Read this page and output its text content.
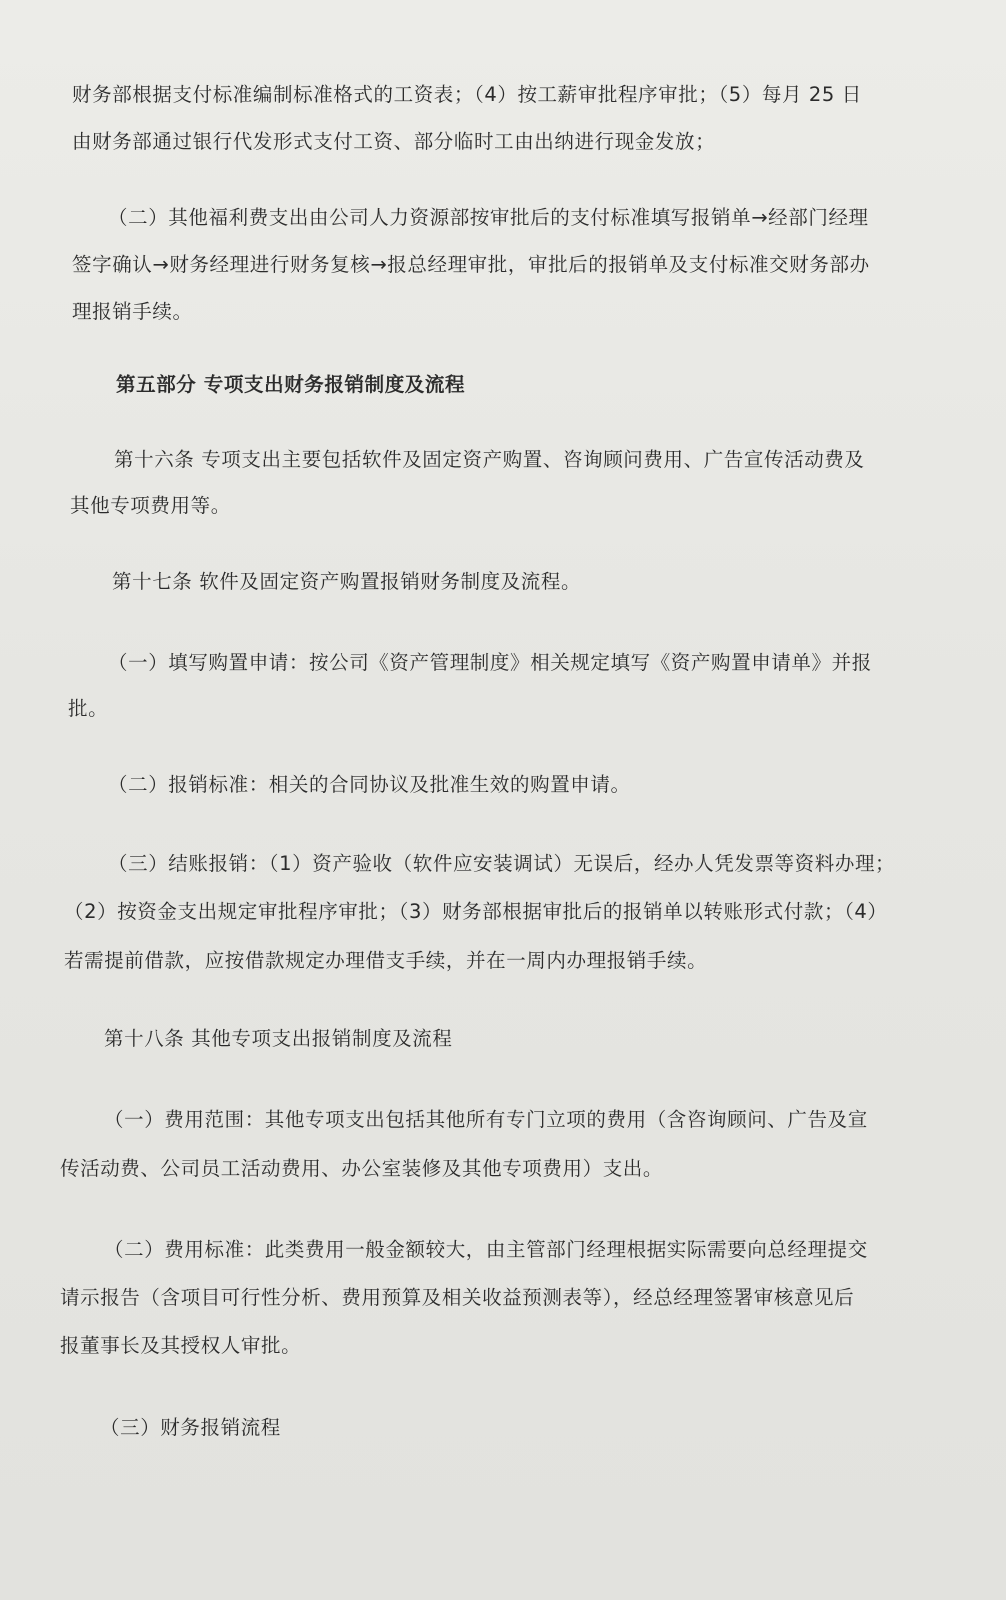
财务部根据支付标准编制标准格式的工资表；（4）按工薪审批程序审批；（5）每月 25 日
由财务部通过银行代发形式支付工资、部分临时工由出纳进行现金发放；
（二）其他福利费支出由公司人力资源部按审批后的支付标准填写报销单→经部门经理
签字确认→财务经理进行财务复核→报总经理审批，审批后的报销单及支付标准交财务部办
理报销手续。
第五部分 专项支出财务报销制度及流程
第十六条 专项支出主要包括软件及固定资产购置、咨询顾问费用、广告宣传活动费及
其他专项费用等。
第十七条 软件及固定资产购置报销财务制度及流程。
（一）填写购置申请：按公司《资产管理制度》相关规定填写《资产购置申请单》并报
批。
（二）报销标准：相关的合同协议及批准生效的购置申请。
（三）结账报销：（1）资产验收（软件应安装调试）无误后，经办人凭发票等资料办理；
（2）按资金支出规定审批程序审批；（3）财务部根据审批后的报销单以转账形式付款；（4）
若需提前借款，应按借款规定办理借支手续，并在一周内办理报销手续。
第十八条 其他专项支出报销制度及流程
（一）费用范围：其他专项支出包括其他所有专门立项的费用（含咨询顾问、广告及宣
传活动费、公司员工活动费用、办公室装修及其他专项费用）支出。
（二）费用标准：此类费用一般金额较大，由主管部门经理根据实际需要向总经理提交
请示报告（含项目可行性分析、费用预算及相关收益预测表等），经总经理签署审核意见后
报董事长及其授权人审批。
（三）财务报销流程
